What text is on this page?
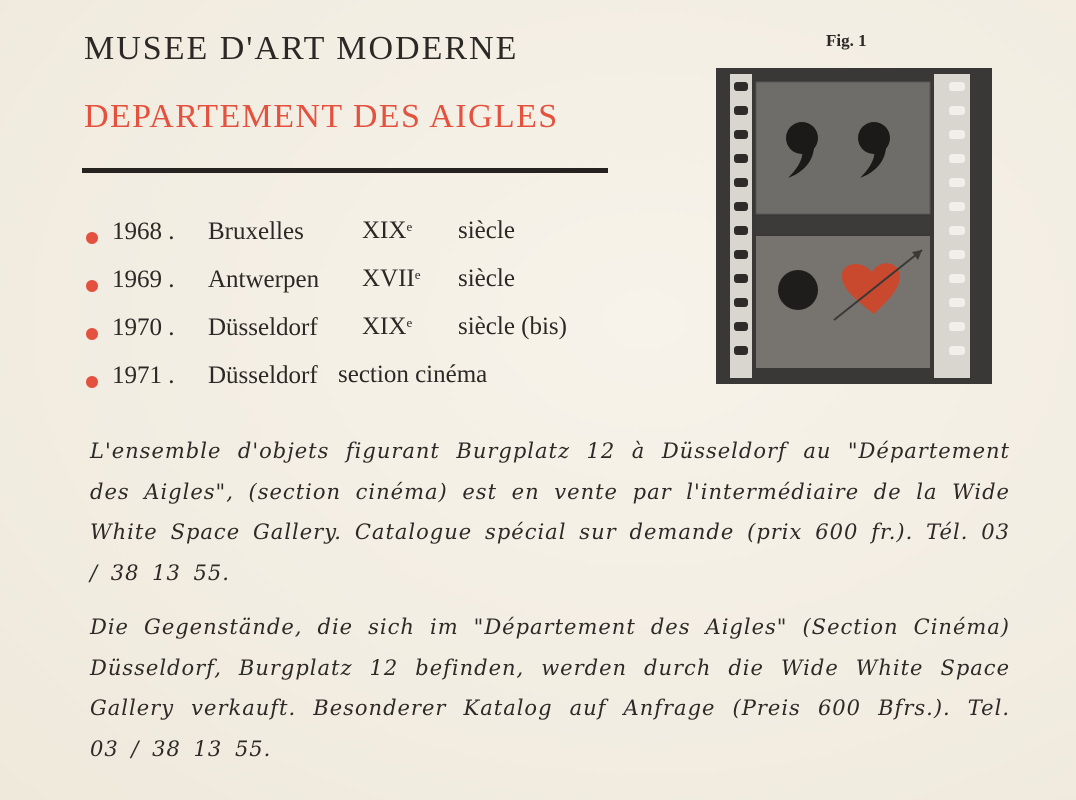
MUSEE D'ART MODERNE
DEPARTEMENT DES AIGLES
1968 . Bruxelles XIXe siècle
1969 . Antwerpen XVIIe siècle
1970 . Düsseldorf XIXe siècle (bis)
1971 . Düsseldorf section cinéma
Fig. 1

L'ensemble d'objets figurant Burgplatz 12 à Düsseldorf au "Département des Aigles", (section cinéma) est en vente par l'intermédiaire de la Wide White Space Gallery. Catalogue spécial sur demande (prix 600 fr.). Tél. 03 / 38 13 55.

Die Gegenstände, die sich im "Département des Aigles" (Section Cinéma) Düsseldorf, Burgplatz 12 befinden, werden durch die Wide White Space Gallery verkauft. Besonderer Katalog auf Anfrage (Preis 600 Bfrs.). Tel. 03 / 38 13 55.
